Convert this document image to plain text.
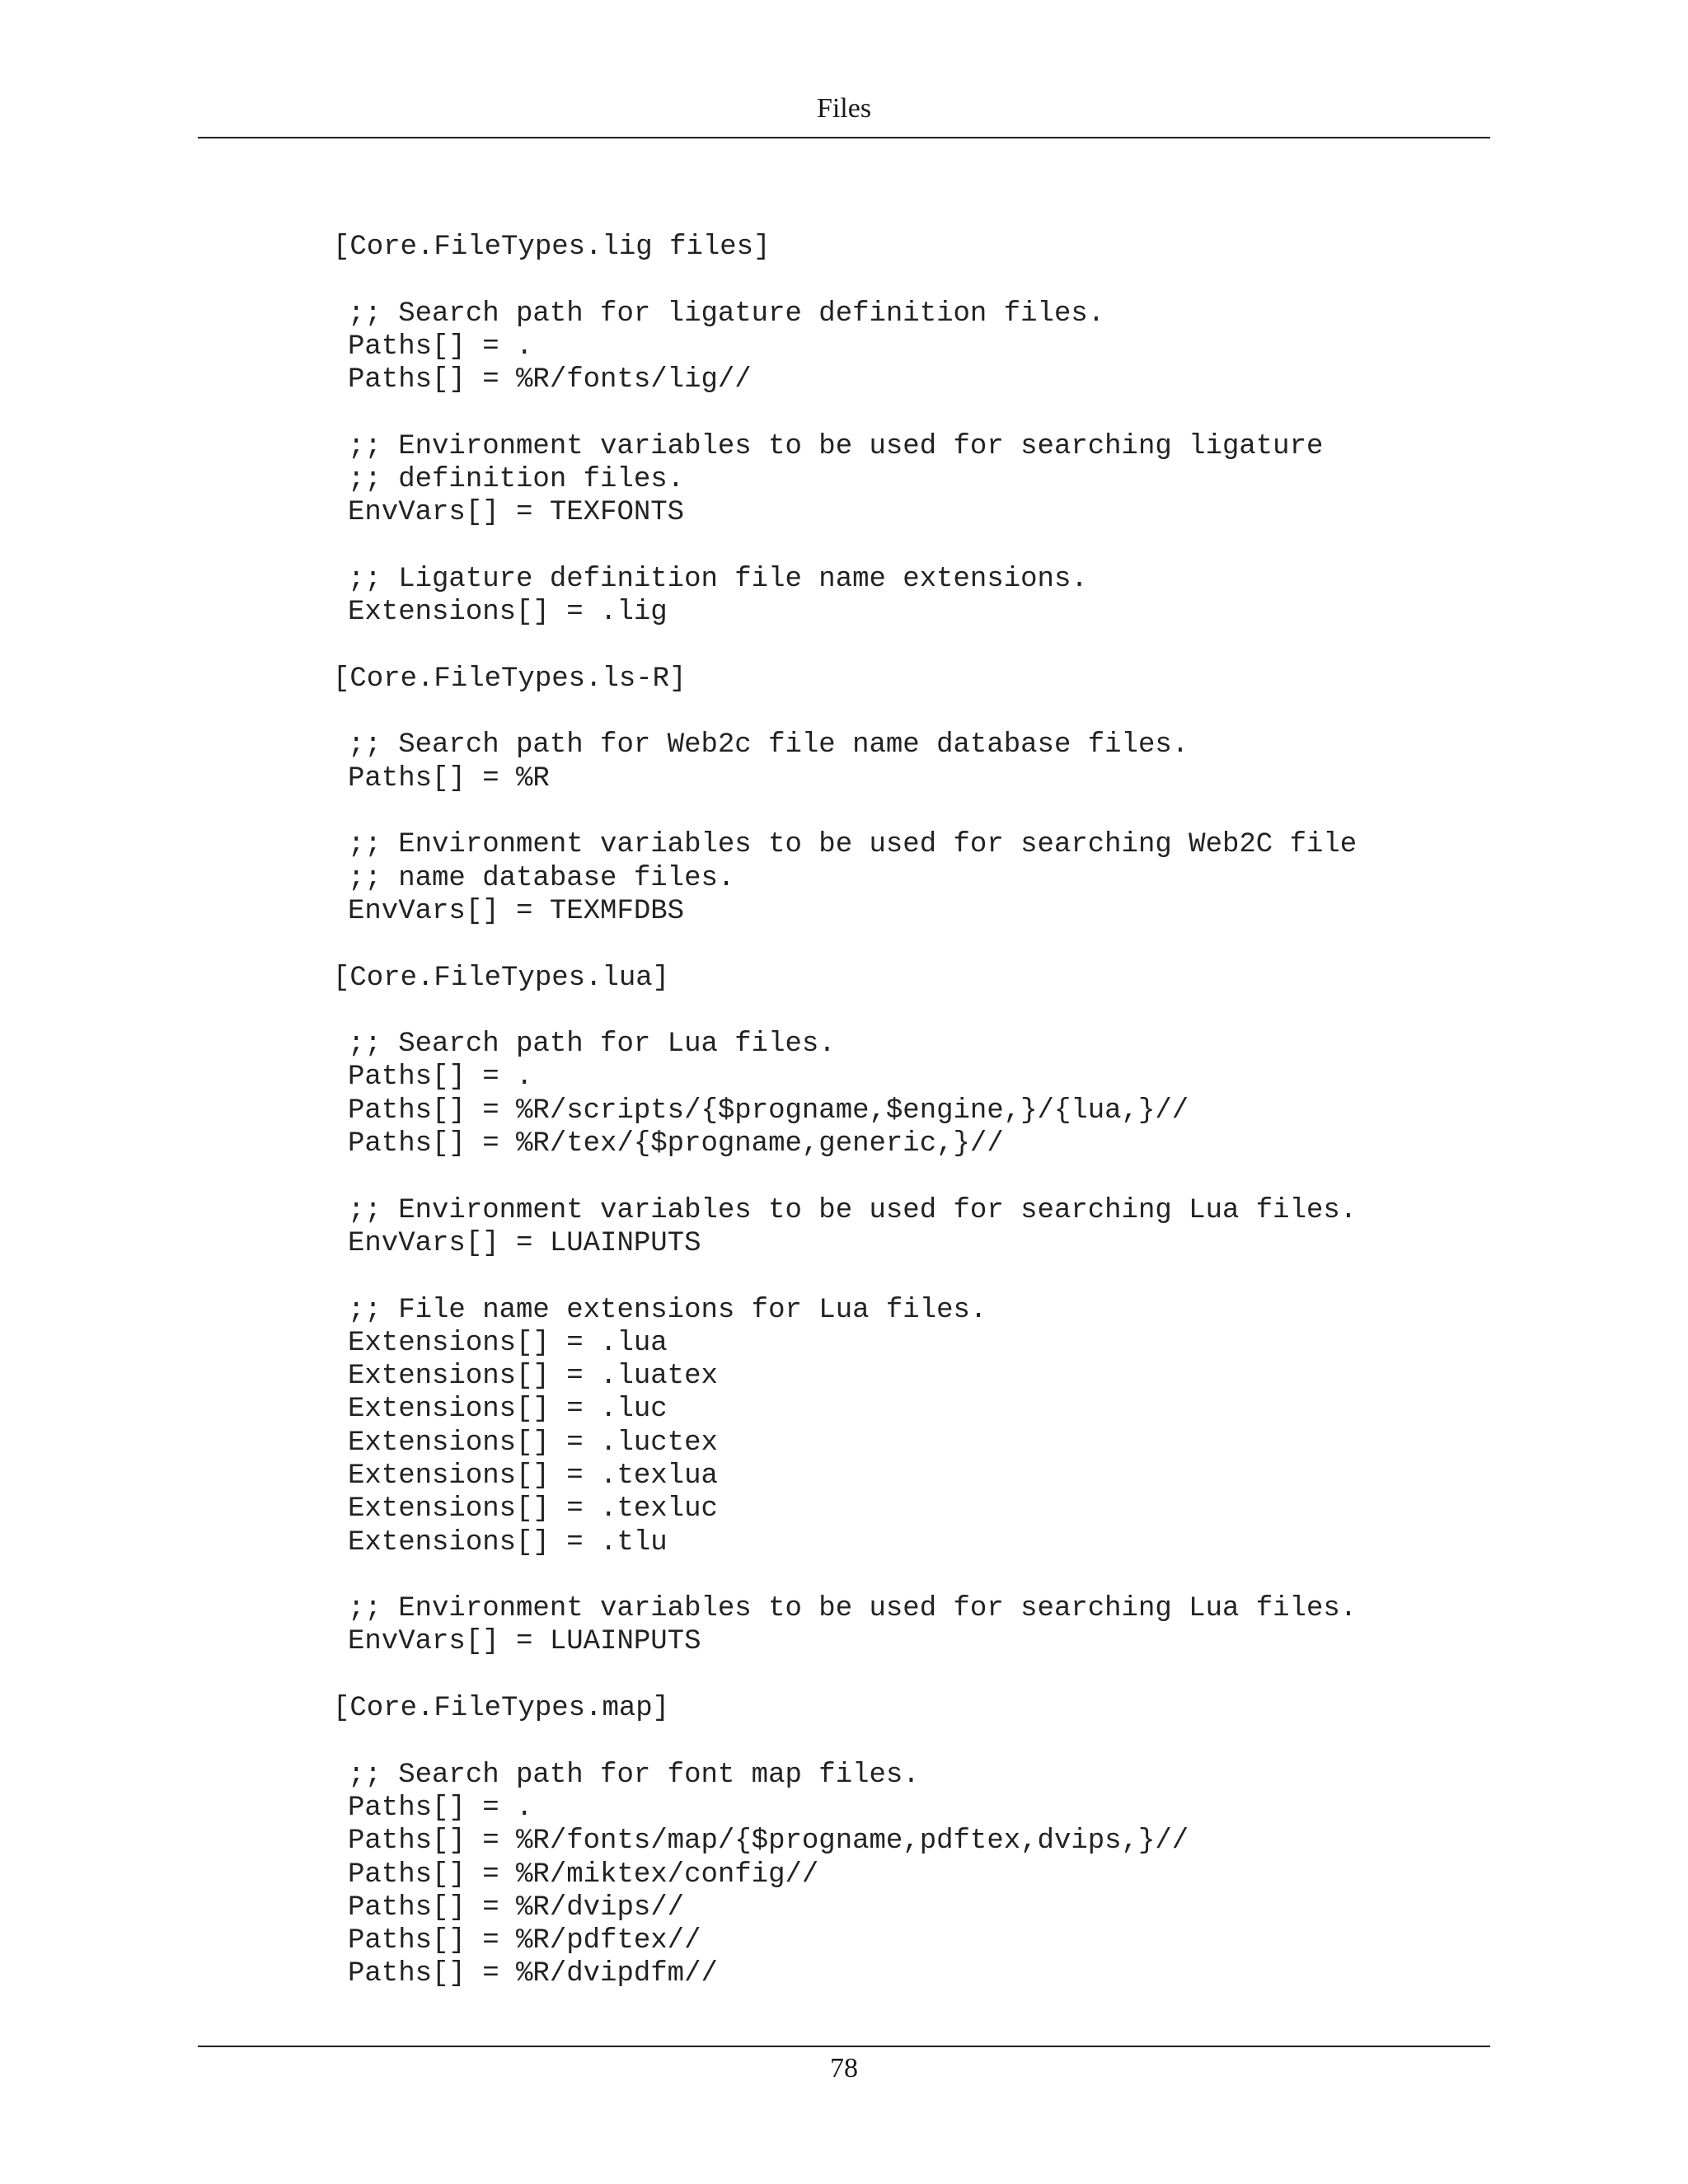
Files
[Core.FileTypes.lig files]
;; Search path for ligature definition files.
Paths[] = .
Paths[] = %R/fonts/lig//
;; Environment variables to be used for searching ligature
;; definition files.
EnvVars[] = TEXFONTS
;; Ligature definition file name extensions.
Extensions[] = .lig
[Core.FileTypes.ls-R]
;; Search path for Web2c file name database files.
Paths[] = %R
;; Environment variables to be used for searching Web2C file
;; name database files.
EnvVars[] = TEXMFDBS
[Core.FileTypes.lua]
;; Search path for Lua files.
Paths[] = .
Paths[] = %R/scripts/{$progname,$engine,}/{lua,}//
Paths[] = %R/tex/{$progname,generic,}//
;; Environment variables to be used for searching Lua files.
EnvVars[] = LUAINPUTS
;; File name extensions for Lua files.
Extensions[] = .lua
Extensions[] = .luatex
Extensions[] = .luc
Extensions[] = .luctex
Extensions[] = .texlua
Extensions[] = .texluc
Extensions[] = .tlu
;; Environment variables to be used for searching Lua files.
EnvVars[] = LUAINPUTS
[Core.FileTypes.map]
;; Search path for font map files.
Paths[] = .
Paths[] = %R/fonts/map/{$progname,pdftex,dvips,}//
Paths[] = %R/miktex/config//
Paths[] = %R/dvips//
Paths[] = %R/pdftex//
Paths[] = %R/dvipdfm//
78
